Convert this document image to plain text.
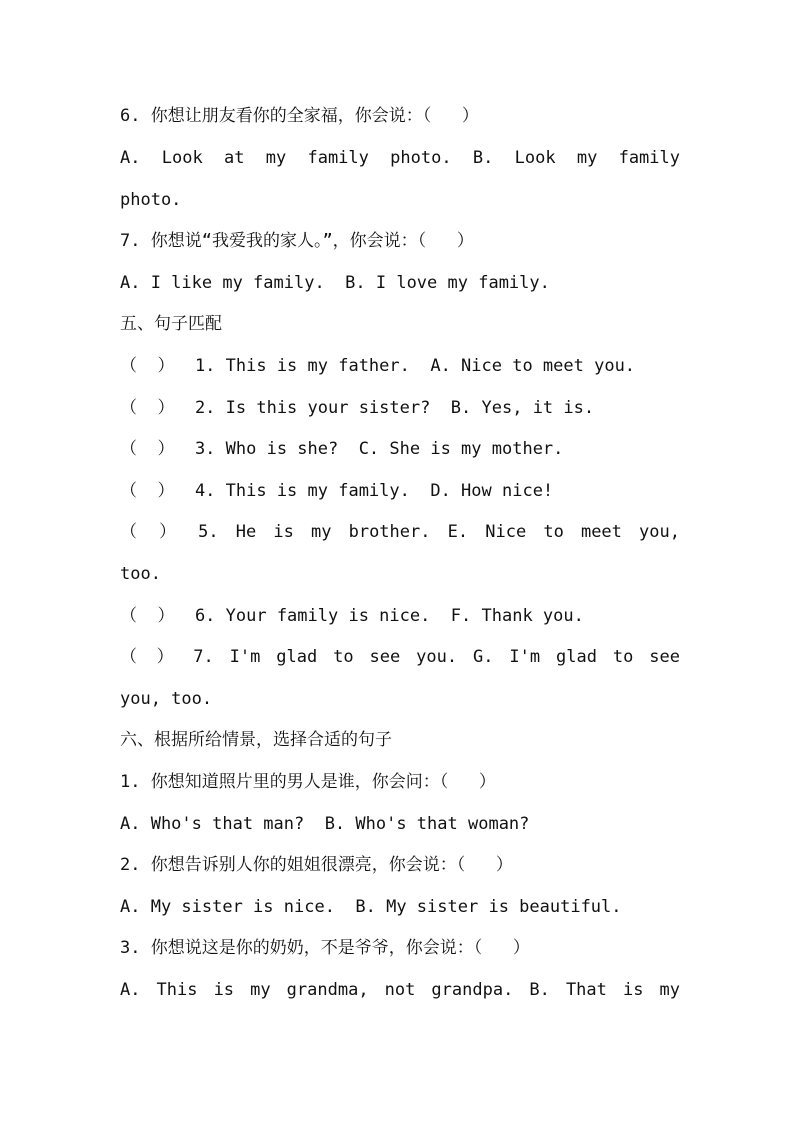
6. 你想让朋友看你的全家福，你会说：（   ）
A. Look at my family photo. B. Look my family
photo.
7. 你想说“我爱我的家人。”，你会说：（   ）
A. I like my family.  B. I love my family.
五、句子匹配
（  ）  1. This is my father.  A. Nice to meet you.
（  ）  2. Is this your sister?  B. Yes, it is.
（  ）  3. Who is she?  C. She is my mother.
（  ）  4. This is my family.  D. How nice!
（ ） 5. He is my brother. E. Nice to meet you,
too.
（  ）  6. Your family is nice.  F. Thank you.
（ ） 7. I'm glad to see you. G. I'm glad to see
you, too.
六、根据所给情景，选择合适的句子
1. 你想知道照片里的男人是谁，你会问：（   ）
A. Who's that man?  B. Who's that woman?
2. 你想告诉别人你的姐姐很漂亮，你会说：（   ）
A. My sister is nice.  B. My sister is beautiful.
3. 你想说这是你的奶奶，不是爷爷，你会说：（   ）
A. This is my grandma, not grandpa. B. That is my
